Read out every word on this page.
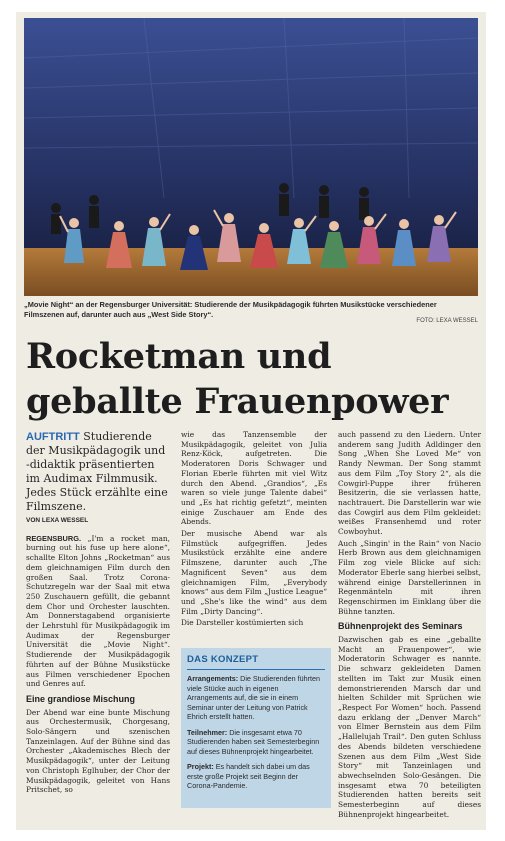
„Movie Night“ an der Regensburger Universität: Studierende der Musikpädagogik führten Musikstücke verschiedener Filmszenen auf, darunter auch aus „West Side Story“.
FOTO: LEXA WESSEL
Rocketman und geballte Frauenpower

AUFTRITT Studierende der Musikpädagogik und -didaktik präsentierten im Audimax Filmmusik. Jedes Stück erzählte eine Filmszene.

VON LEXA WESSEL

REGENSBURG. „I'm a rocket man, burning out his fuse up here alone“, schallte Elton Johns „Rocketman“ aus dem gleichnamigen Film durch den großen Saal. Trotz Corona-Schutzregeln war der Saal mit etwa 250 Zuschauern gefüllt, die gebannt dem Chor und Orchester lauschten. Am Donnerstagabend organisierte der Lehrstuhl für Musikpädagogik im Audimax der Regensburger Universität die „Movie Night“. Studierende der Musikpädagogik führten auf der Bühne Musikstücke aus Filmen verschiedener Epochen und Genres auf.

Eine grandiose Mischung

Der Abend war eine bunte Mischung aus Orchestermusik, Chorgesang, Solo-Sängern und szenischen Tanzeinlagen. Auf der Bühne sind das Orchester „Akademisches Blech der Musikpädagogik“, unter der Leitung von Christoph Eglhuber, der Chor der Musikpädagogik, geleitet von Hans Pritschet, so

wie das Tanzensemble der Musikpädagogik, geleitet von Julia Renz-Köck, aufgetreten. Die Moderatoren Doris Schwager und Florian Eberle führten mit viel Witz durch den Abend. „Grandios“, „Es waren so viele junge Talente dabei“ und „Es hat richtig gefetzt“, meinten einige Zuschauer am Ende des Abends.

Der musische Abend war als Filmstück aufgegriffen. Jedes Musikstück erzählte eine andere Filmszene, darunter auch „The Magnificent Seven“ aus dem gleichnamigen Film, „Everybody knows“ aus dem Film „Justice League“ und „She's like the wind“ aus dem Film „Dirty Dancing“.

Die Darsteller kostümierten sich

DAS KONZEPT

Arrangements: Die Studierenden führten viele Stücke auch in eigenen Arrangements auf, die sie in einem Seminar unter der Leitung von Patrick Ehrich erstellt hatten.

Teilnehmer: Die insgesamt etwa 70 Studierenden haben seit Semesterbeginn auf dieses Bühnenprojekt hingearbeitet.

Projekt: Es handelt sich dabei um das erste große Projekt seit Beginn der Corona-Pandemie.

auch passend zu den Liedern. Unter anderem sang Judith Adldinger den Song „When She Loved Me“ von Randy Newman. Der Song stammt aus dem Film „Toy Story 2“, als die Cowgirl-Puppe ihrer früheren Besitzerin, die sie verlassen hatte, nachtrauert. Die Darstellerin war wie das Cowgirl aus dem Film gekleidet: weißes Fransenhemd und roter Cowboyhut.

Auch „Singin' in the Rain“ von Nacio Herb Brown aus dem gleichnamigen Film zog viele Blicke auf sich: Moderator Eberle sang hierbei selbst, während einige Darstellerinnen in Regenmänteln mit ihren Regenschirmen im Einklang über die Bühne tanzten.

Bühnenprojekt des Seminars

Dazwischen gab es eine „geballte Macht an Frauenpower“, wie Moderatorin Schwager es nannte. Die schwarz gekleideten Damen stellten im Takt zur Musik einen demonstrierenden Marsch dar und hielten Schilder mit Sprüchen wie „Respect For Women“ hoch. Passend dazu erklang der „Denver March“ von Elmer Bernstein aus dem Film „Hallelujah Trail“. Den guten Schluss des Abends bildeten verschiedene Szenen aus dem Film „West Side Story“ mit Tanzeinlagen und abwechselnden Solo-Gesängen. Die insgesamt etwa 70 beteiligten Studierenden hatten bereits seit Semesterbeginn auf dieses Bühnenprojekt hingearbeitet.
